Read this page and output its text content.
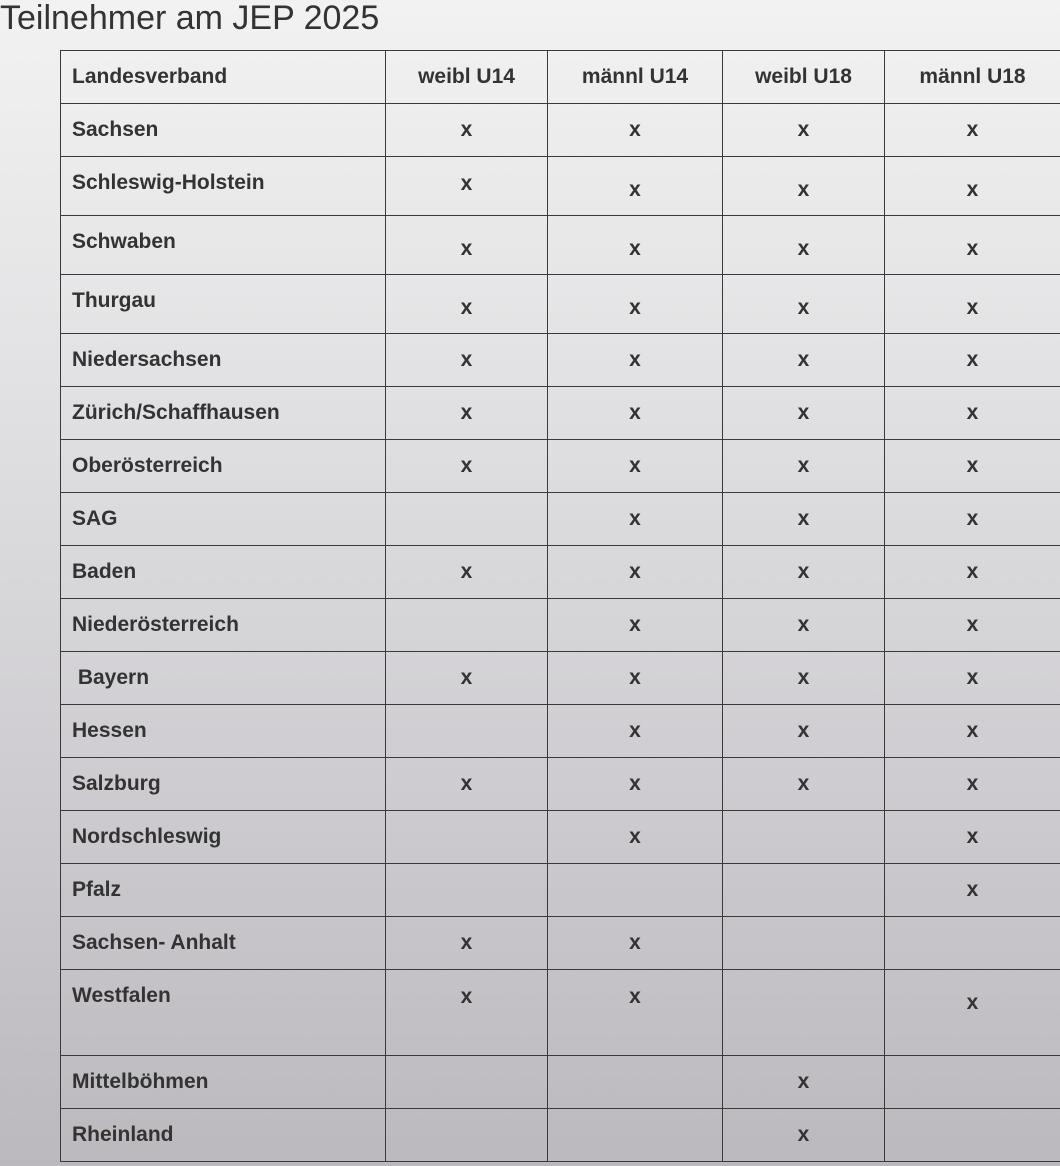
Teilnehmer am JEP 2025
Landesverband	weibl U14	männl U14	weibl U18	männl U18
Sachsen	x	x	x	x
Schleswig-Holstein	x	x	x	x
Schwaben	x	x	x	x
Thurgau	x	x	x	x
Niedersachsen	x	x	x	x
Zürich/Schaffhausen	x	x	x	x
Oberösterreich	x	x	x	x
SAG		x	x	x
Baden	x	x	x	x
Niederösterreich		x	x	x
Bayern	x	x	x	x
Hessen		x	x	x
Salzburg	x	x	x	x
Nordschleswig		x		x
Pfalz				x
Sachsen- Anhalt	x	x		
Westfalen	x	x		x
Mittelböhmen			x	
Rheinland			x	
